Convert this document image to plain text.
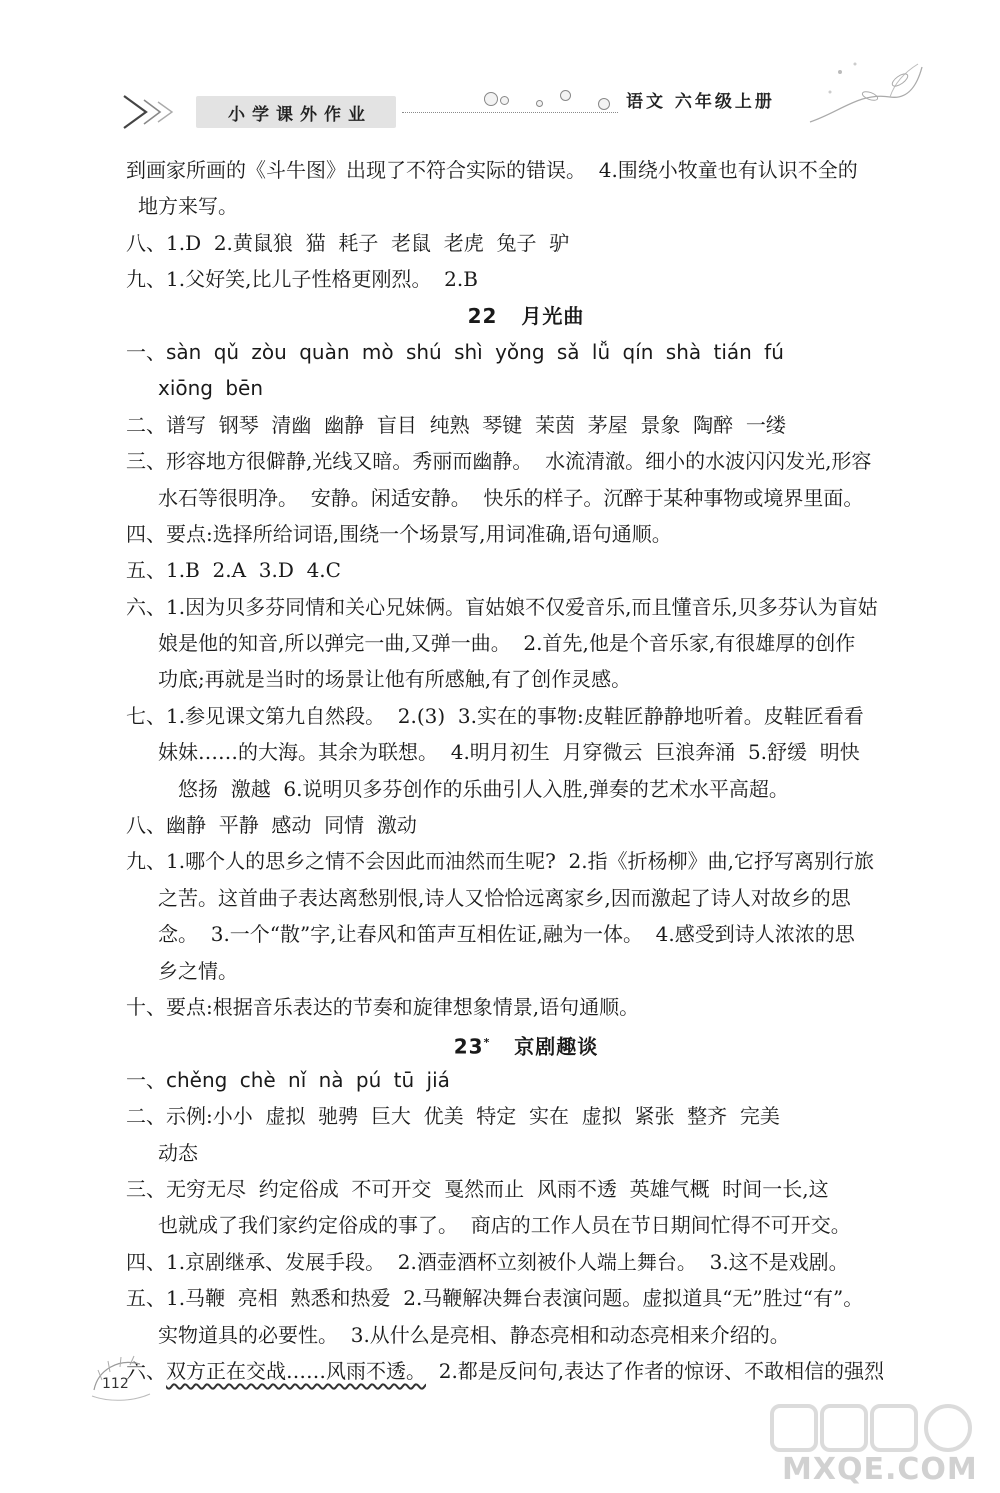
小学课外作业
语文 六年级上册
到画家所画的《斗牛图》出现了不符合实际的错误。  4.围绕小牧童也有认识不全的
地方来写。
八、1.D  2.黄鼠狼  猫  耗子  老鼠  老虎  兔子  驴
九、1.父好笑,比儿子性格更刚烈。  2.B
22 月光曲
一、sàn qǔ zòu quàn mò shú shì yǒng sǎ lǚ qín shà tián fú
xiōng bēn
二、谱写  钢琴  清幽  幽静  盲目  纯熟  琴键  茉茵  茅屋  景象  陶醉  一缕
三、形容地方很僻静,光线又暗。秀丽而幽静。  水流清澈。细小的水波闪闪发光,形容
水石等很明净。  安静。闲适安静。  快乐的样子。沉醉于某种事物或境界里面。
四、要点:选择所给词语,围绕一个场景写,用词准确,语句通顺。
五、1.B  2.A  3.D  4.C
六、1.因为贝多芬同情和关心兄妹俩。盲姑娘不仅爱音乐,而且懂音乐,贝多芬认为盲姑
娘是他的知音,所以弹完一曲,又弹一曲。  2.首先,他是个音乐家,有很雄厚的创作
功底;再就是当时的场景让他有所感触,有了创作灵感。
七、1.参见课文第九自然段。  2.(3)  3.实在的事物:皮鞋匠静静地听着。皮鞋匠看看
妹妹……的大海。其余为联想。  4.明月初生  月穿微云  巨浪奔涌  5.舒缓  明快
悠扬  激越  6.说明贝多芬创作的乐曲引人入胜,弹奏的艺术水平高超。
八、幽静  平静  感动  同情  激动
九、1.哪个人的思乡之情不会因此而油然而生呢?  2.指《折杨柳》曲,它抒写离别行旅
之苦。这首曲子表达离愁别恨,诗人又恰恰远离家乡,因而激起了诗人对故乡的思
念。  3.一个“散”字,让春风和笛声互相佐证,融为一体。  4.感受到诗人浓浓的思
乡之情。
十、要点:根据音乐表达的节奏和旋律想象情景,语句通顺。
23* 京剧趣谈
一、chěng chè nǐ nà pú tū jiá
二、示例:小小  虚拟  驰骋  巨大  优美  特定  实在  虚拟  紧张  整齐  完美
动态
三、无穷无尽  约定俗成  不可开交  戛然而止  风雨不透  英雄气概  时间一长,这
也就成了我们家约定俗成的事了。  商店的工作人员在节日期间忙得不可开交。
四、1.京剧继承、发展手段。  2.酒壶酒杯立刻被仆人端上舞台。  3.这不是戏剧。
五、1.马鞭  亮相  熟悉和热爱  2.马鞭解决舞台表演问题。虚拟道具“无”胜过“有”。
实物道具的必要性。  3.从什么是亮相、静态亮相和动态亮相来介绍的。
六、双方正在交战……风雨不透。  2.都是反问句,表达了作者的惊讶、不敢相信的强烈
112
MXQE.COM
